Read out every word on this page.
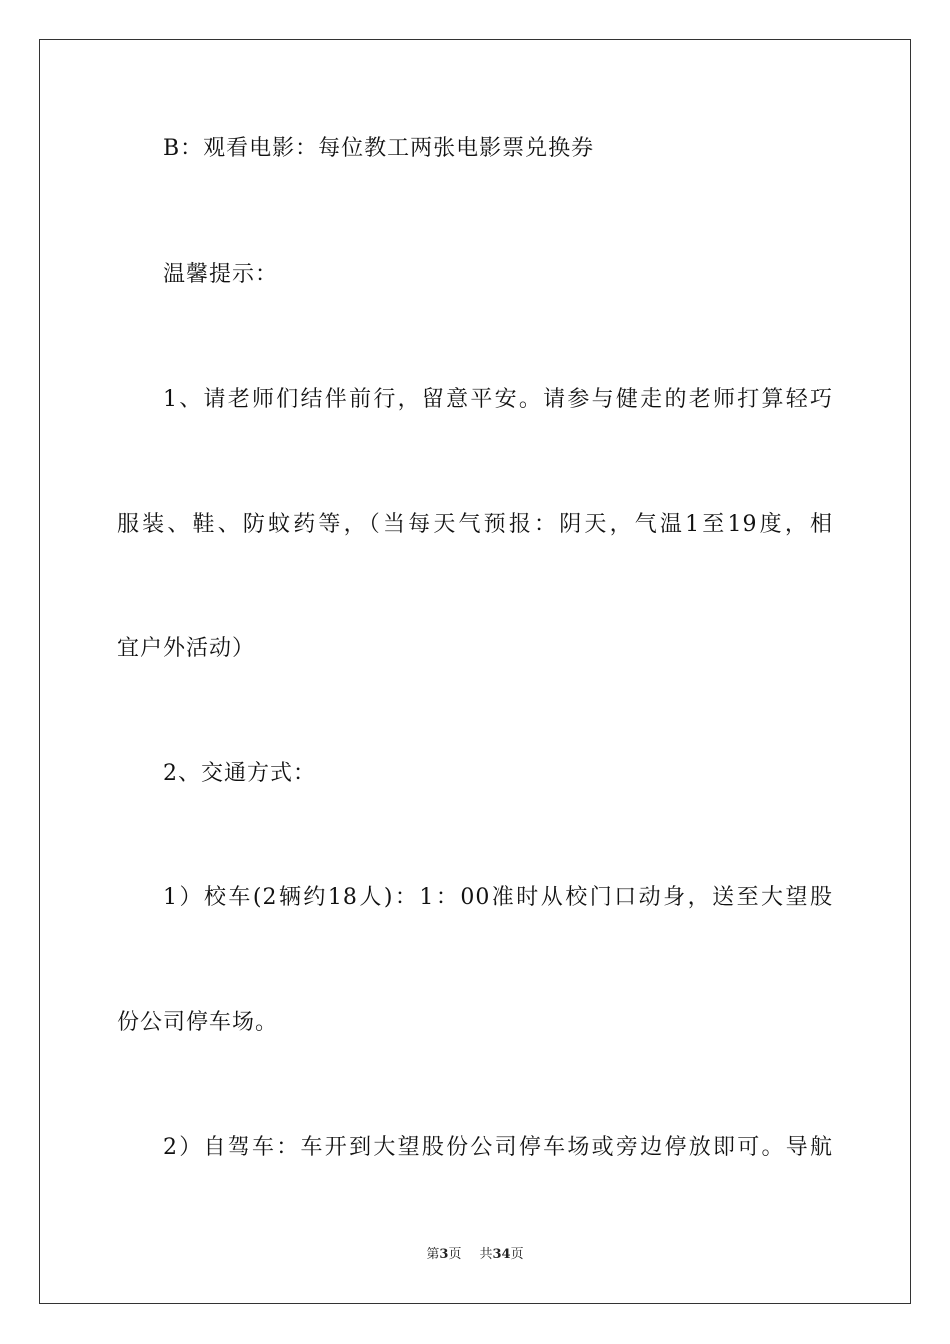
B：观看电影：每位教工两张电影票兑换券
温馨提示：
1、请老师们结伴前行，留意平安。请参与健走的老师打算轻巧
服装、鞋、防蚊药等，（当每天气预报：阴天，气温1至19度，相
宜户外活动）
2、交通方式：
1）校车(2辆约18人)：1：00准时从校门口动身，送至大望股
份公司停车场。
2）自驾车：车开到大望股份公司停车场或旁边停放即可。导航
第3页 共34页
